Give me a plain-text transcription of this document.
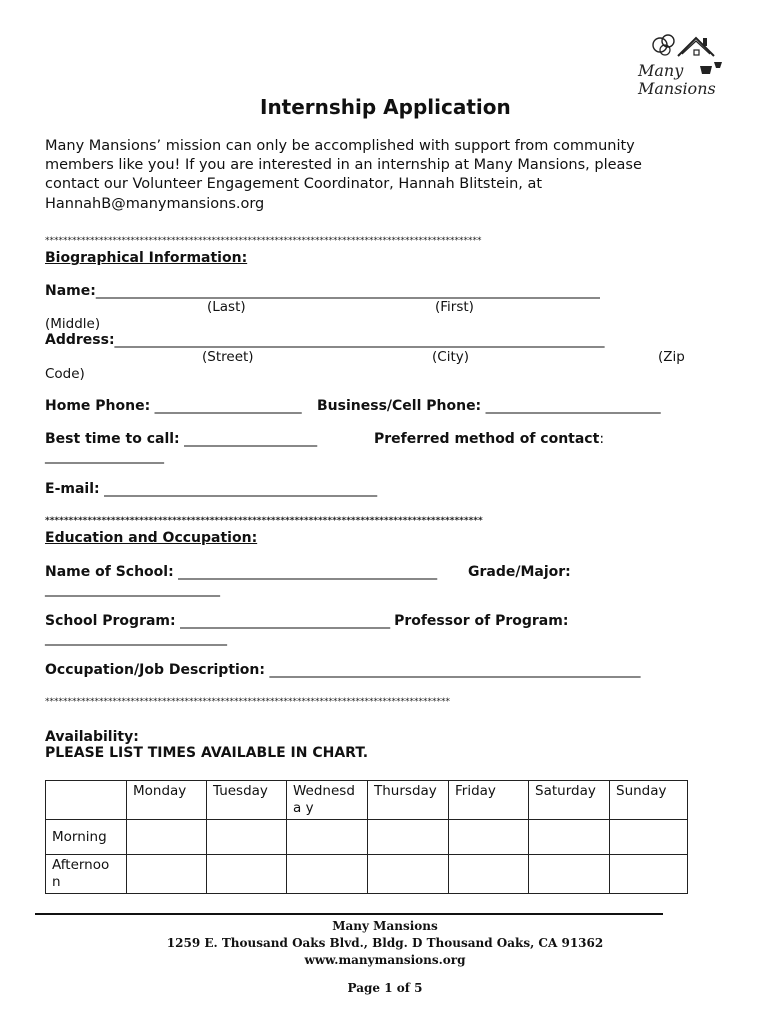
Many
Mansions
Internship Application
Many Mansions’ mission can only be accomplished with support from community
members like you! If you are interested in an internship at Many Mansions, please
contact our Volunteer Engagement Coordinator, Hannah Blitstein, at
HannahB@manymansions.org
*************************************************************************************************
Biographical Information:
Name:________________________________________________________________________
(Last)	(First)
(Middle)
Address:______________________________________________________________________
(Street)	(City)	(Zip
Code)
Home Phone: _____________________ Business/Cell Phone: _________________________
Best time to call: ___________________	Preferred method of contact:
_________________
E-mail: _______________________________________
*********************************************************************************************
Education and Occupation:
Name of School: _____________________________________ Grade/Major:
_________________________
School Program: ______________________________ Professor of Program:
__________________________
Occupation/Job Description: _____________________________________________________
******************************************************************************************
Availability:
PLEASE LIST TIMES AVAILABLE IN CHART.
	Monday	Tuesday	Wednesda y	Thursday	Friday	Saturday	Sunday
Morning							
Afternoo n							
Many Mansions
1259 E. Thousand Oaks Blvd., Bldg. D Thousand Oaks, CA 91362
www.manymansions.org
Page 1 of 5
